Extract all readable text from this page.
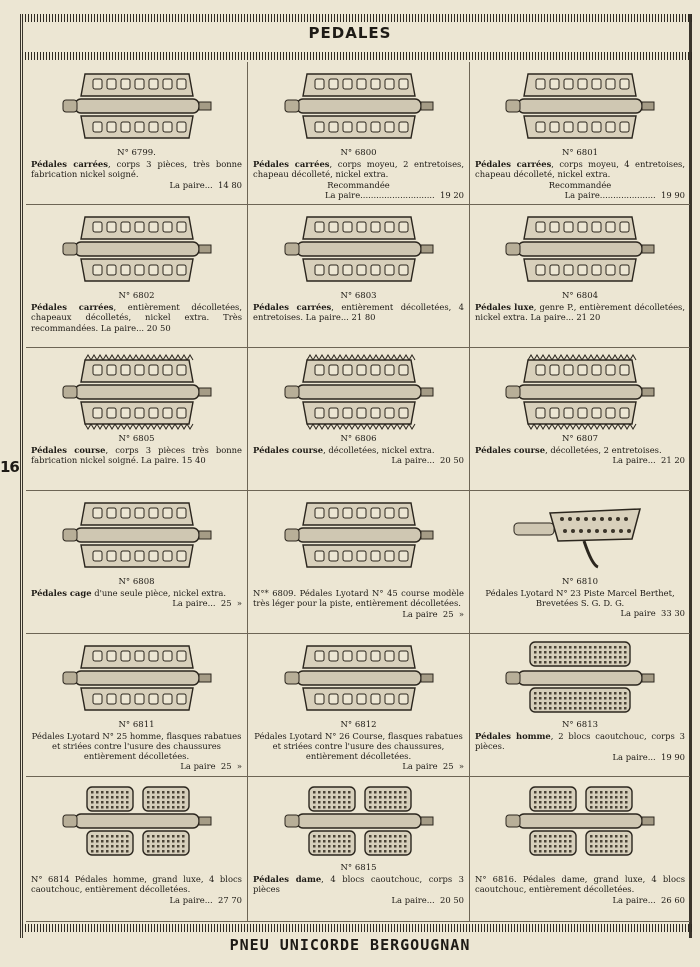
PEDALES
16
N° 6799.
Pédales carrées, corps 3 pièces, très bonne fabrication nickel soigné.
La paire...  14 80
N° 6800
Pédales carrées, corps moyeu, 2 entretoises, chapeau décolleté, nickel extra.
Recommandée
La paire............................  19 20
N° 6801
Pédales carrées, corps moyeu, 4 entretoises, chapeau décolleté, nickel extra.
Recommandée
La paire.....................  19 90
N° 6802
Pédales carrées, entièrement décolletées, chapeaux décolletés, nickel extra. Très recommandées. La paire... 20 50
N° 6803
Pédales carrées, entièrement décolletées, 4 entretoises. La paire... 21 80
N° 6804
Pédales luxe, genre P., entièrement décolletées, nickel extra. La paire... 21 20
N° 6805
Pédales course, corps 3 pièces très bonne fabrication nickel soigné. La paire. 15 40
N° 6806
Pédales course, décolletées, nickel extra.
La paire...  20 50
N° 6807
Pédales course, décolletées, 2 entretoises.
La paire...  21 20
N° 6808
Pédales cage d'une seule pièce, nickel extra.
La paire...  25  »
N°* 6809. Pédales Lyotard N° 45 course modèle très léger pour la piste, entièrement décolletées.
La paire  25  »
N° 6810
Pédales Lyotard N° 23 Piste Marcel Berthet, Brevetées S. G. D. G.
La paire  33 30
N° 6811
Pédales Lyotard N° 25 homme, flasques rabatues et striées contre l'usure des chaussures entièrement décolletées.
La paire  25  »
N° 6812
Pédales Lyotard N° 26 Course, flasques rabatues et striées contre l'usure des chaussures, entièrement décolletées.
La paire  25  »
N° 6813
Pédales homme, 2 blocs caoutchouc, corps 3 pièces.
La paire...  19 90
N° 6814 Pédales homme, grand luxe, 4 blocs caoutchouc, entièrement décolletées.
La paire...  27 70
N° 6815
Pédales dame, 4 blocs caoutchouc, corps 3 pièces
La paire...  20 50
N° 6816. Pédales dame, grand luxe, 4 blocs caoutchouc, entièrement décolletées.
La paire...  26 60
PNEU UNICORDE BERGOUGNAN
